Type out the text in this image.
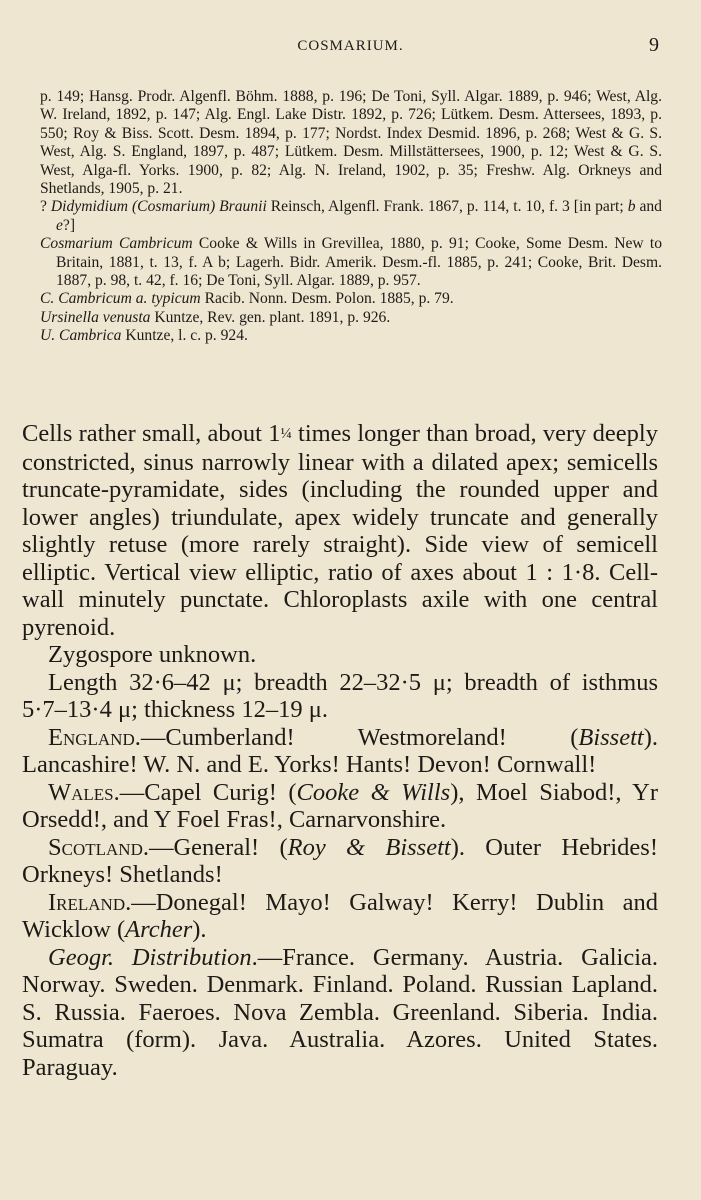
COSMARIUM.	9

p. 149; Hansg. Prodr. Algenfl. Böhm. 1888, p. 196; De Toni, Syll. Algar. 1889, p. 946; West, Alg. W. Ireland, 1892, p. 147; Alg. Engl. Lake Distr. 1892, p. 726; Lütkem. Desm. Attersees, 1893, p. 550; Roy & Biss. Scott. Desm. 1894, p. 177; Nordst. Index Desmid. 1896, p. 268; West & G. S. West, Alg. S. England, 1897, p. 487; Lütkem. Desm. Millstättersees, 1900, p. 12; West & G. S. West, Alga-fl. Yorks. 1900, p. 82; Alg. N. Ireland, 1902, p. 35; Freshw. Alg. Orkneys and Shetlands, 1905, p. 21.

? Didymidium (Cosmarium) Braunii Reinsch, Algenfl. Frank. 1867, p. 114, t. 10, f. 3 [in part; b and e?]

Cosmarium Cambricum Cooke & Wills in Grevillea, 1880, p. 91; Cooke, Some Desm. New to Britain, 1881, t. 13, f. A b; Lagerh. Bidr. Amerik. Desm.-fl. 1885, p. 241; Cooke, Brit. Desm. 1887, p. 98, t. 42, f. 16; De Toni, Syll. Algar. 1889, p. 957.

C. Cambricum a. typicum Racib. Nonn. Desm. Polon. 1885, p. 79.

Ursinella venusta Kuntze, Rev. gen. plant. 1891, p. 926.

U. Cambrica Kuntze, l. c. p. 924.

Cells rather small, about 1¼ times longer than broad, very deeply constricted, sinus narrowly linear with a dilated apex; semicells truncate-pyramidate, sides (including the rounded upper and lower angles) triundulate, apex widely truncate and generally slightly retuse (more rarely straight). Side view of semicell elliptic. Vertical view elliptic, ratio of axes about 1 : 1·8. Cell-wall minutely punctate. Chloroplasts axile with one central pyrenoid.

Zygospore unknown.

Length 32·6–42 μ; breadth 22–32·5 μ; breadth of isthmus 5·7–13·4 μ; thickness 12–19 μ.

England.—Cumberland! Westmoreland! (Bissett). Lancashire! W. N. and E. Yorks! Hants! Devon! Cornwall!

Wales.—Capel Curig! (Cooke & Wills), Moel Siabod!, Yr Orsedd!, and Y Foel Fras!, Carnarvonshire.

Scotland.—General! (Roy & Bissett). Outer Hebrides! Orkneys! Shetlands!

Ireland.—Donegal! Mayo! Galway! Kerry! Dublin and Wicklow (Archer).

Geogr. Distribution.—France. Germany. Austria. Galicia. Norway. Sweden. Denmark. Finland. Poland. Russian Lapland. S. Russia. Faeroes. Nova Zembla. Greenland. Siberia. India. Sumatra (form). Java. Australia. Azores. United States. Paraguay.
